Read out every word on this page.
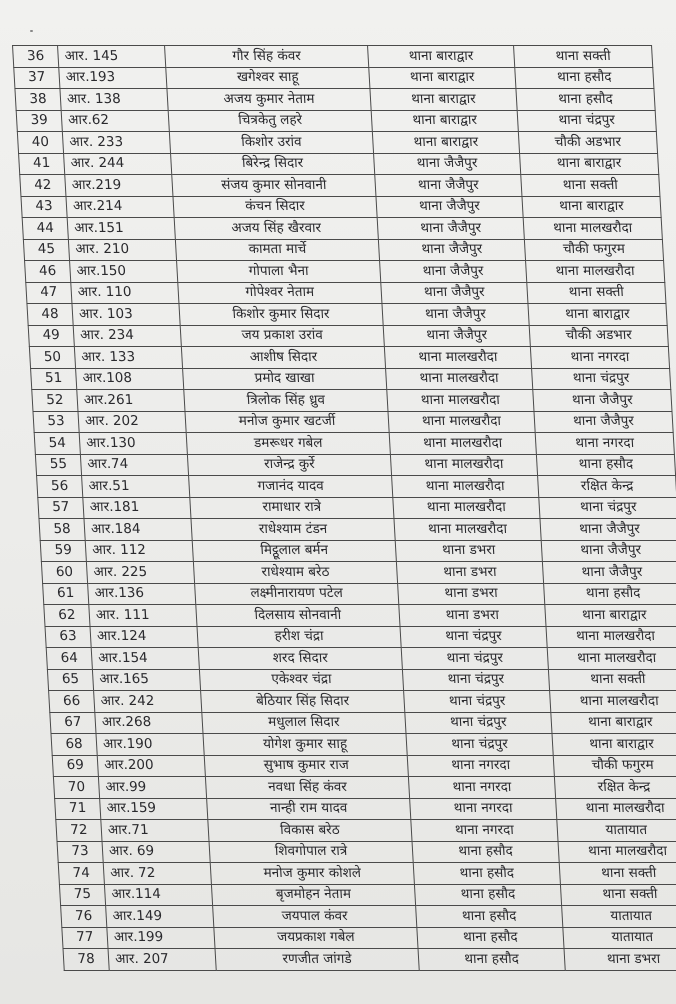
36	आर. 145	गौर सिंह कंवर	थाना बाराद्वार	थाना सक्ती
37	आर.193	खगेश्वर साहू	थाना बाराद्वार	थाना हसौद
38	आर. 138	अजय कुमार नेताम	थाना बाराद्वार	थाना हसौद
39	आर.62	चित्रकेतु लहरे	थाना बाराद्वार	थाना चंद्रपुर
40	आर. 233	किशोर उरांव	थाना बाराद्वार	चौकी अडभार
41	आर. 244	बिरेन्द्र सिदार	थाना जैजैपुर	थाना बाराद्वार
42	आर.219	संजय कुमार सोनवानी	थाना जैजैपुर	थाना सक्ती
43	आर.214	कंचन सिदार	थाना जैजैपुर	थाना बाराद्वार
44	आर.151	अजय सिंह खैरवार	थाना जैजैपुर	थाना मालखरौदा
45	आर. 210	कामता मार्चे	थाना जैजैपुर	चौकी फगुरम
46	आर.150	गोपाला भैना	थाना जैजैपुर	थाना मालखरौदा
47	आर. 110	गोपेश्वर नेताम	थाना जैजैपुर	थाना सक्ती
48	आर. 103	किशोर कुमार सिदार	थाना जैजैपुर	थाना बाराद्वार
49	आर. 234	जय प्रकाश उरांव	थाना जैजैपुर	चौकी अडभार
50	आर. 133	आशीष सिदार	थाना मालखरौदा	थाना नगरदा
51	आर.108	प्रमोद खाखा	थाना मालखरौदा	थाना चंद्रपुर
52	आर.261	त्रिलोक सिंह ध्रुव	थाना मालखरौदा	थाना जैजैपुर
53	आर. 202	मनोज कुमार खटर्जी	थाना मालखरौदा	थाना जैजैपुर
54	आर.130	डमरूधर गबेल	थाना मालखरौदा	थाना नगरदा
55	आर.74	राजेन्द्र कुर्रे	थाना मालखरौदा	थाना हसौद
56	आर.51	गजानंद यादव	थाना मालखरौदा	रक्षित केन्द्र
57	आर.181	रामाधार रात्रे	थाना मालखरौदा	थाना चंद्रपुर
58	आर.184	राधेश्याम टंडन	थाना मालखरौदा	थाना जैजैपुर
59	आर. 112	मिट्ठूलाल बर्मन	थाना डभरा	थाना जैजैपुर
60	आर. 225	राधेश्याम बरेठ	थाना डभरा	थाना जैजैपुर
61	आर.136	लक्ष्मीनारायण पटेल	थाना डभरा	थाना हसौद
62	आर. 111	दिलसाय सोनवानी	थाना डभरा	थाना बाराद्वार
63	आर.124	हरीश चंद्रा	थाना चंद्रपुर	थाना मालखरौदा
64	आर.154	शरद सिदार	थाना चंद्रपुर	थाना मालखरौदा
65	आर.165	एकेश्वर चंद्रा	थाना चंद्रपुर	थाना सक्ती
66	आर. 242	बेठियार सिंह सिदार	थाना चंद्रपुर	थाना मालखरौदा
67	आर.268	मधुलाल सिदार	थाना चंद्रपुर	थाना बाराद्वार
68	आर.190	योगेश कुमार साहू	थाना चंद्रपुर	थाना बाराद्वार
69	आर.200	सुभाष कुमार राज	थाना नगरदा	चौकी फगुरम
70	आर.99	नवधा सिंह कंवर	थाना नगरदा	रक्षित केन्द्र
71	आर.159	नान्ही राम यादव	थाना नगरदा	थाना मालखरौदा
72	आर.71	विकास बरेठ	थाना नगरदा	यातायात
73	आर. 69	शिवगोपाल रात्रे	थाना हसौद	थाना मालखरौदा
74	आर. 72	मनोज कुमार कोशले	थाना हसौद	थाना सक्ती
75	आर.114	बृजमोहन नेताम	थाना हसौद	थाना सक्ती
76	आर.149	जयपाल कंवर	थाना हसौद	यातायात
77	आर.199	जयप्रकाश गबेल	थाना हसौद	यातायात
78	आर. 207	रणजीत जांगडे	थाना हसौद	थाना डभरा
